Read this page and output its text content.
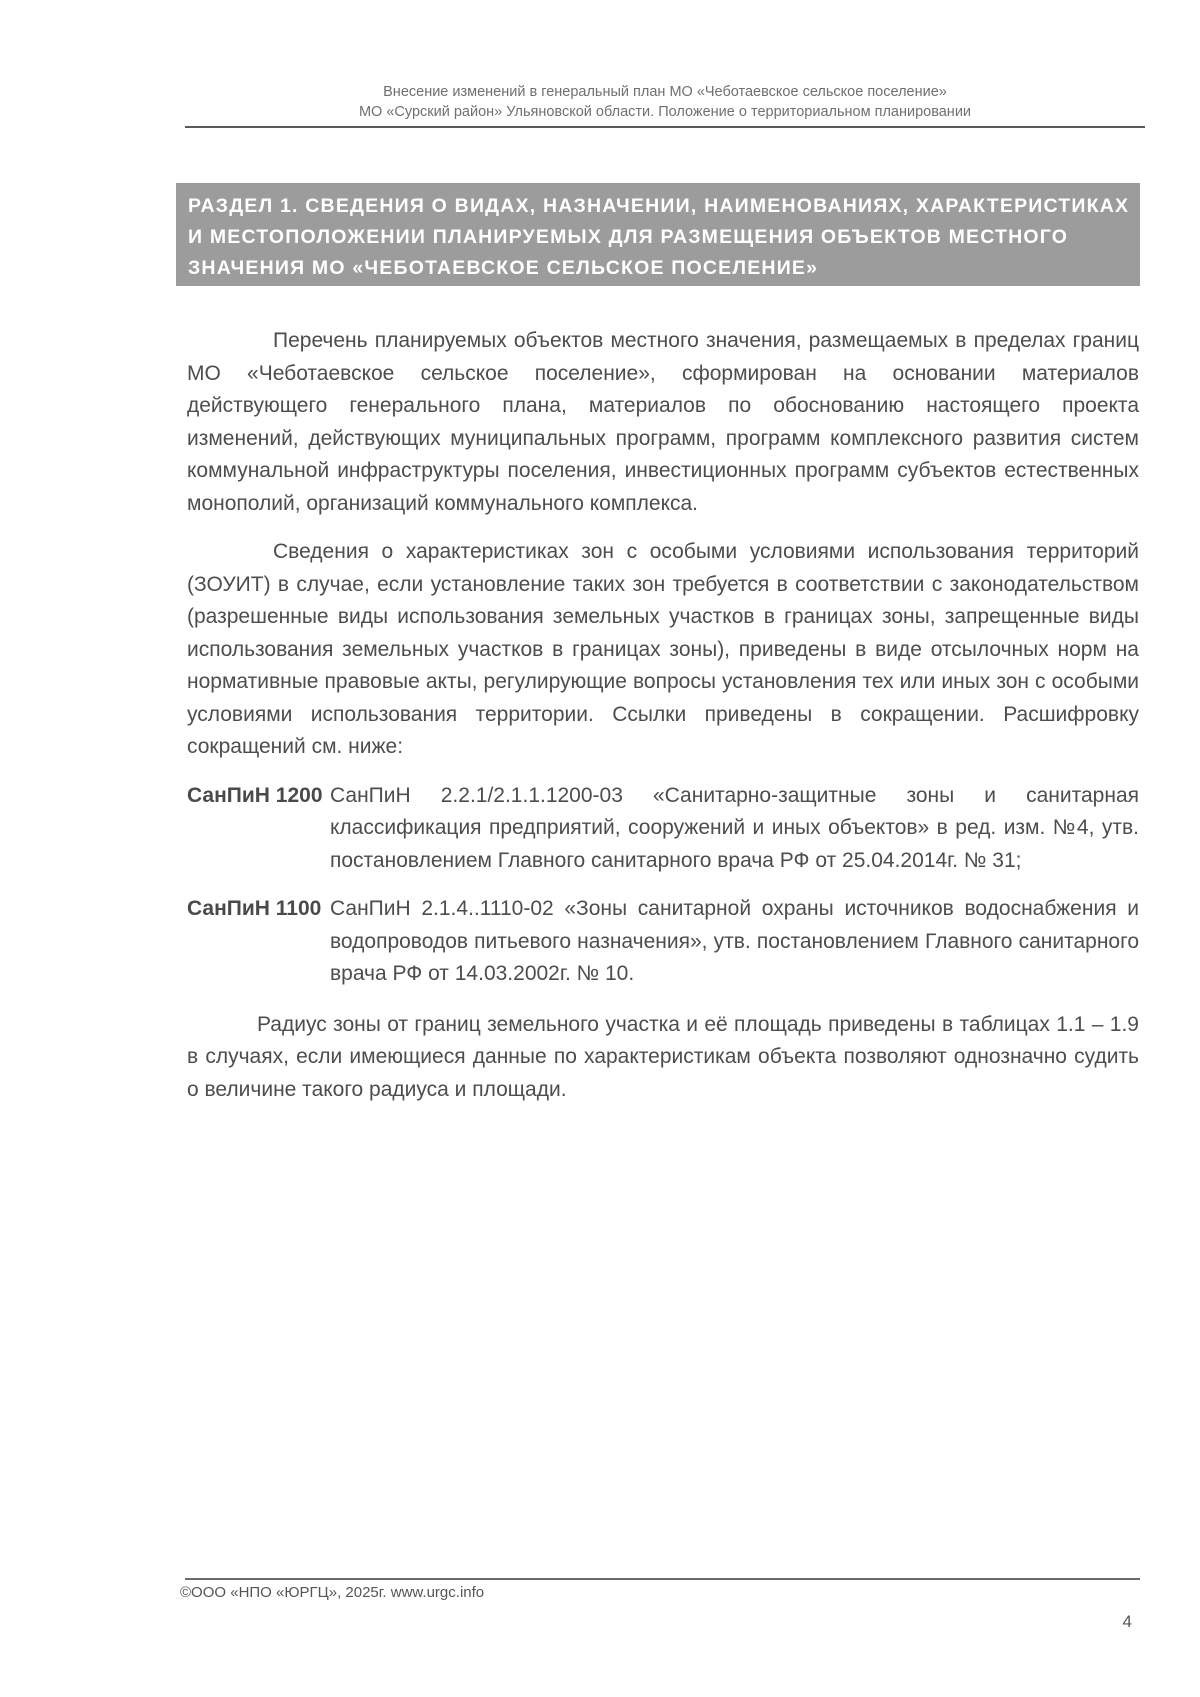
Внесение изменений в генеральный план МО «Чеботаевское сельское поселение»
МО «Сурский район» Ульяновской области. Положение о территориальном планировании
РАЗДЕЛ 1. СВЕДЕНИЯ О ВИДАХ, НАЗНАЧЕНИИ, НАИМЕНОВАНИЯХ, ХАРАКТЕРИСТИКАХ
И МЕСТОПОЛОЖЕНИИ ПЛАНИРУЕМЫХ ДЛЯ РАЗМЕЩЕНИЯ ОБЪЕКТОВ МЕСТНОГО
ЗНАЧЕНИЯ МО «ЧЕБОТАЕВСКОЕ СЕЛЬСКОЕ ПОСЕЛЕНИЕ»

Перечень планируемых объектов местного значения, размещаемых в пределах границ МО «Чеботаевское сельское поселение», сформирован на основании материалов действующего генерального плана, материалов по обоснованию настоящего проекта изменений, действующих муниципальных программ, программ комплексного развития систем коммунальной инфраструктуры поселения, инвестиционных программ субъектов естественных монополий, организаций коммунального комплекса.

Сведения о характеристиках зон с особыми условиями использования территорий (ЗОУИТ) в случае, если установление таких зон требуется в соответствии с законодательством (разрешенные виды использования земельных участков в границах зоны, запрещенные виды использования земельных участков в границах зоны), приведены в виде отсылочных норм на нормативные правовые акты, регулирующие вопросы установления тех или иных зон с особыми условиями использования территории. Ссылки приведены в сокращении. Расшифровку сокращений см. ниже:

СанПиН 1200 СанПиН 2.2.1/2.1.1.1200-03 «Санитарно-защитные зоны и санитарная классификация предприятий, сооружений и иных объектов» в ред. изм. №4, утв. постановлением Главного санитарного врача РФ от 25.04.2014г. № 31;
СанПиН 1100 СанПиН 2.1.4..1110-02 «Зоны санитарной охраны источников водоснабжения и водопроводов питьевого назначения», утв. постановлением Главного санитарного врача РФ от 14.03.2002г. № 10.

Радиус зоны от границ земельного участка и её площадь приведены в таблицах 1.1 – 1.9 в случаях, если имеющиеся данные по характеристикам объекта позволяют однозначно судить о величине такого радиуса и площади.

©ООО «НПО «ЮРГЦ», 2025г. www.urgc.info
4
